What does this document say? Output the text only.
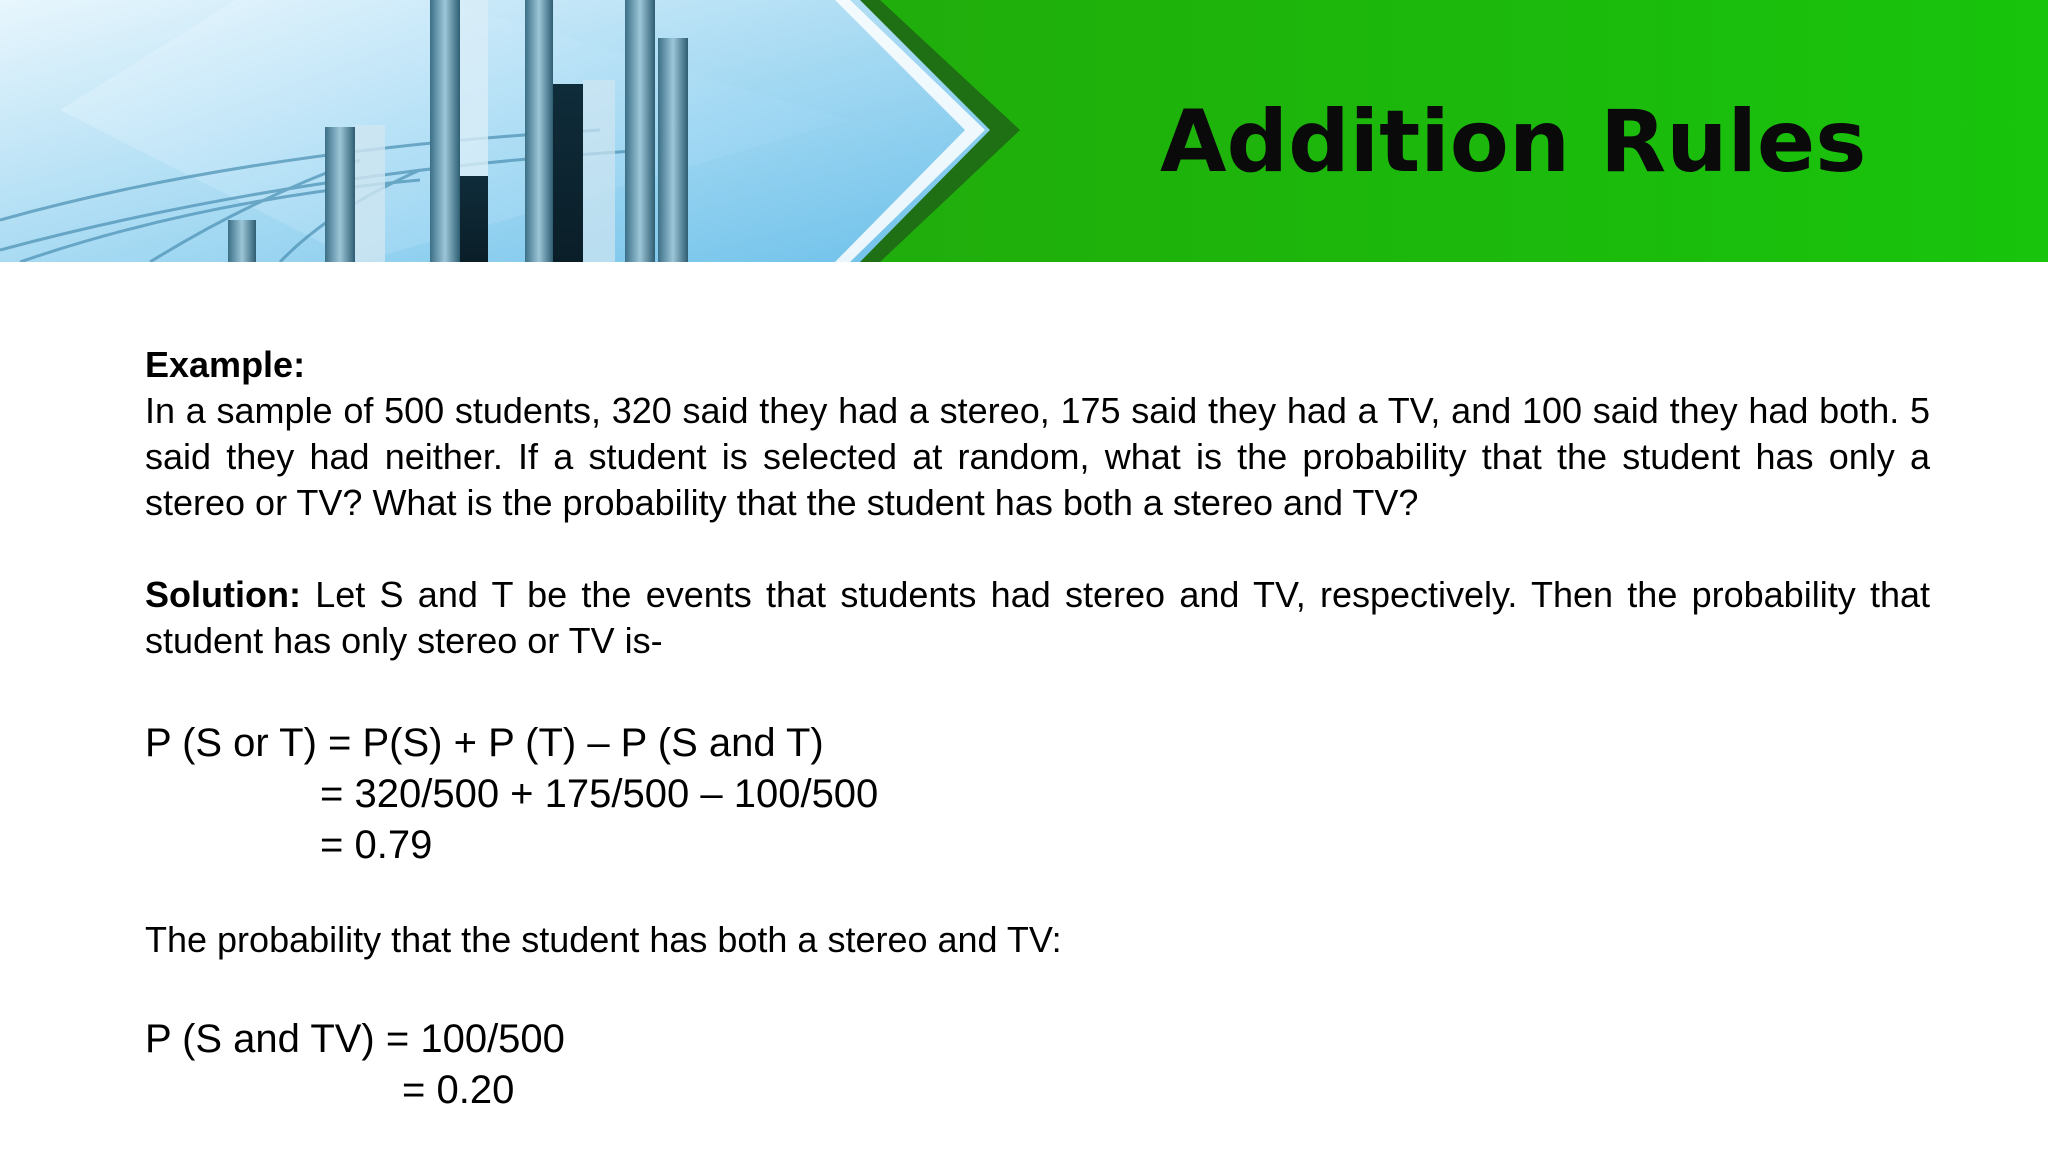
Addition Rules
Example:
In a sample of 500 students, 320 said they had a stereo, 175 said they had a TV, and 100 said they had both. 5 said they had neither. If a student is selected at random, what is the probability that the student has only a stereo or TV? What is the probability that the student has both a stereo and TV?
Solution: Let S and T be the events that students had stereo and TV, respectively. Then the probability that student has only stereo or TV is-
P (S or T) = P(S) + P (T) – P (S and T)
= 320/500 + 175/500 – 100/500
= 0.79
The probability that the student has both a stereo and TV:
P (S and TV) = 100/500
= 0.20
